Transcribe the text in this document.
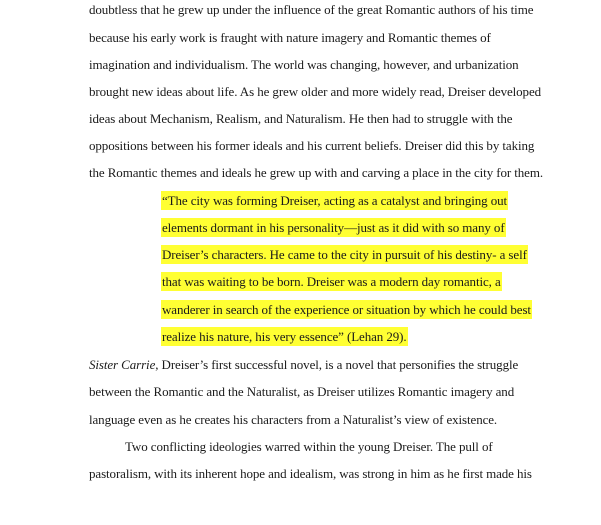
doubtless that he grew up under the influence of the great Romantic authors of his time
because his early work is fraught with nature imagery and Romantic themes of
imagination and individualism. The world was changing, however, and urbanization
brought new ideas about life. As he grew older and more widely read, Dreiser developed
ideas about Mechanism, Realism, and Naturalism. He then had to struggle with the
oppositions between his former ideals and his current beliefs. Dreiser did this by taking
the Romantic themes and ideals he grew up with and carving a place in the city for them.
“The city was forming Dreiser, acting as a catalyst and bringing out
elements dormant in his personality—just as it did with so many of
Dreiser’s characters. He came to the city in pursuit of his destiny- a self
that was waiting to be born. Dreiser was a modern day romantic, a
wanderer in search of the experience or situation by which he could best
realize his nature, his very essence” (Lehan 29).
Sister Carrie, Dreiser’s first successful novel, is a novel that personifies the struggle
between the Romantic and the Naturalist, as Dreiser utilizes Romantic imagery and
language even as he creates his characters from a Naturalist’s view of existence.
Two conflicting ideologies warred within the young Dreiser. The pull of
pastoralism, with its inherent hope and idealism, was strong in him as he first made his
